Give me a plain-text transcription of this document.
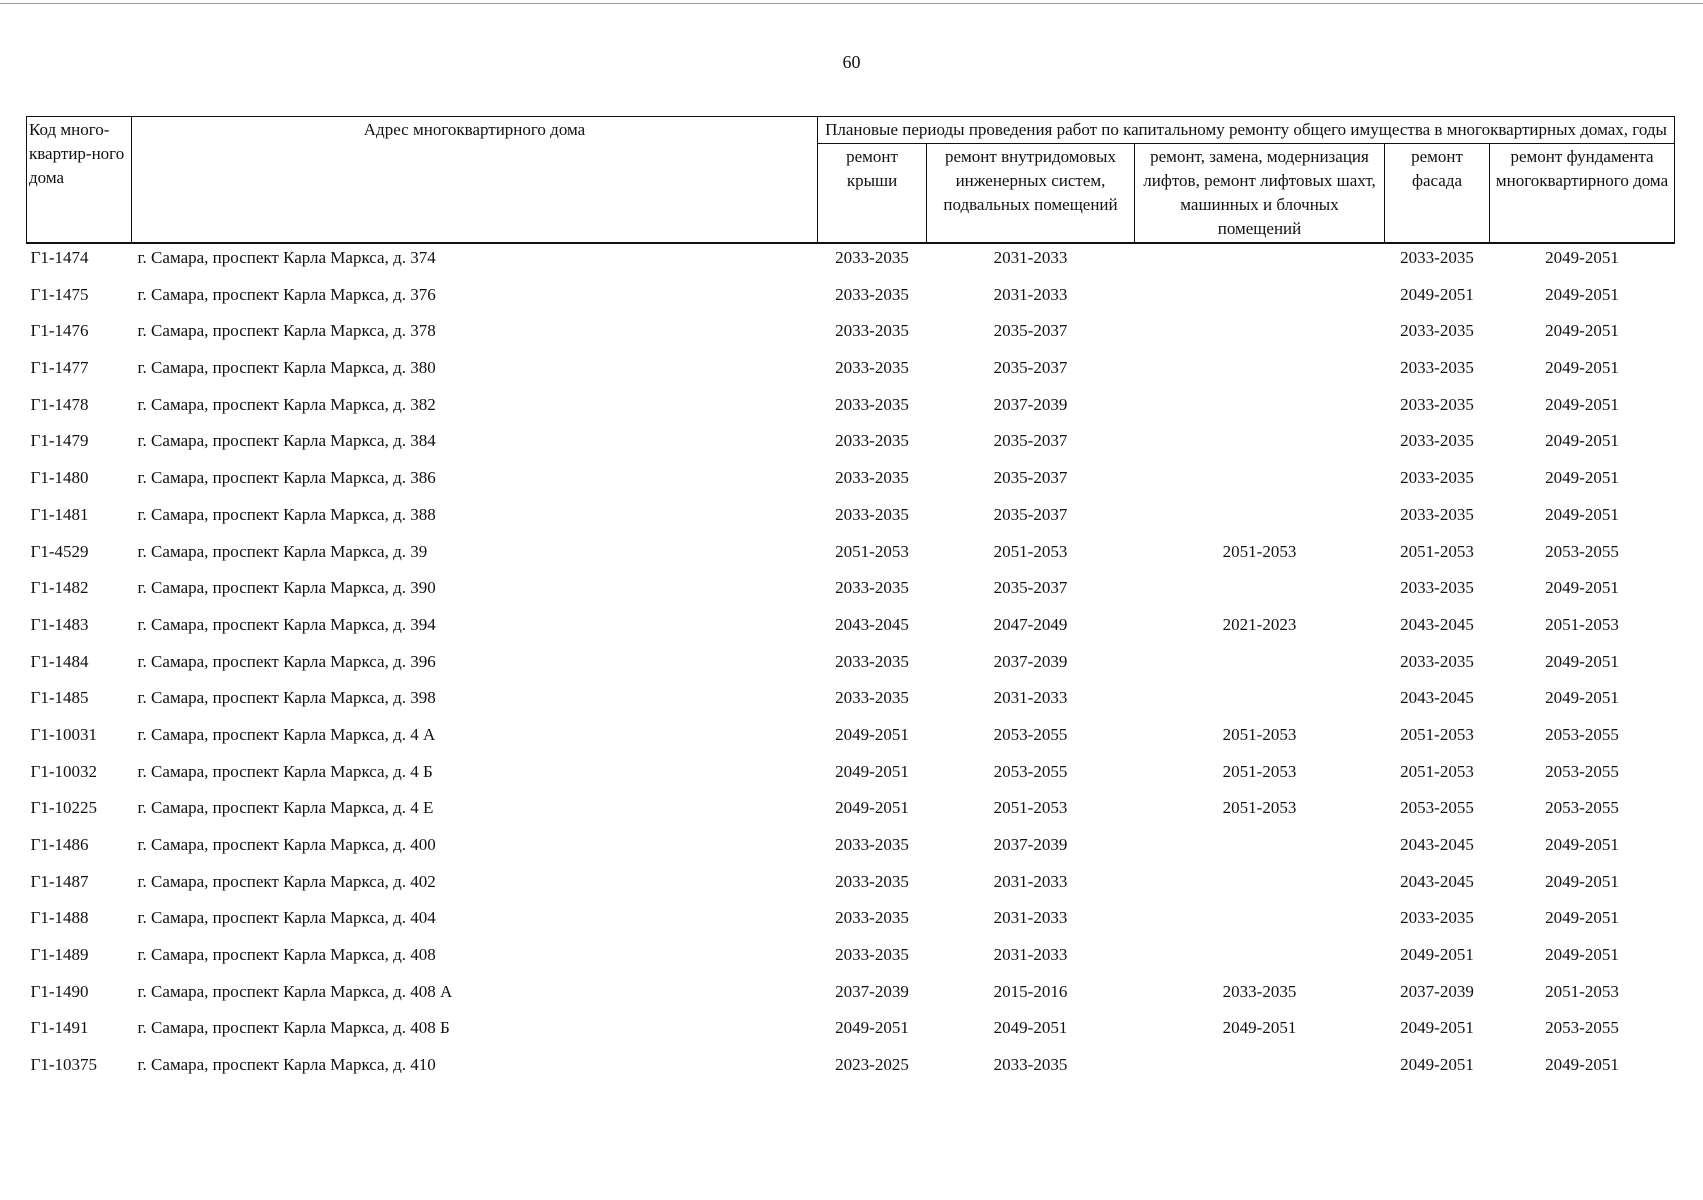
60
Код много-квартир-ного дома	Адрес многоквартирного дома	Плановые периоды проведения работ по капитальному ремонту общего имущества в многоквартирных домах, годы				
		ремонт крыши	ремонт внутридомовых инженерных систем, подвальных помещений	ремонт, замена, модернизация лифтов, ремонт лифтовых шахт, машинных и блочных помещений	ремонт фасада	ремонт фундамента многоквартирного дома
Г1-1474	г. Самара, проспект Карла Маркса, д. 374	2033-2035	2031-2033		2033-2035	2049-2051
Г1-1475	г. Самара, проспект Карла Маркса, д. 376	2033-2035	2031-2033		2049-2051	2049-2051
Г1-1476	г. Самара, проспект Карла Маркса, д. 378	2033-2035	2035-2037		2033-2035	2049-2051
Г1-1477	г. Самара, проспект Карла Маркса, д. 380	2033-2035	2035-2037		2033-2035	2049-2051
Г1-1478	г. Самара, проспект Карла Маркса, д. 382	2033-2035	2037-2039		2033-2035	2049-2051
Г1-1479	г. Самара, проспект Карла Маркса, д. 384	2033-2035	2035-2037		2033-2035	2049-2051
Г1-1480	г. Самара, проспект Карла Маркса, д. 386	2033-2035	2035-2037		2033-2035	2049-2051
Г1-1481	г. Самара, проспект Карла Маркса, д. 388	2033-2035	2035-2037		2033-2035	2049-2051
Г1-4529	г. Самара, проспект Карла Маркса, д. 39	2051-2053	2051-2053	2051-2053	2051-2053	2053-2055
Г1-1482	г. Самара, проспект Карла Маркса, д. 390	2033-2035	2035-2037		2033-2035	2049-2051
Г1-1483	г. Самара, проспект Карла Маркса, д. 394	2043-2045	2047-2049	2021-2023	2043-2045	2051-2053
Г1-1484	г. Самара, проспект Карла Маркса, д. 396	2033-2035	2037-2039		2033-2035	2049-2051
Г1-1485	г. Самара, проспект Карла Маркса, д. 398	2033-2035	2031-2033		2043-2045	2049-2051
Г1-10031	г. Самара, проспект Карла Маркса, д. 4 А	2049-2051	2053-2055	2051-2053	2051-2053	2053-2055
Г1-10032	г. Самара, проспект Карла Маркса, д. 4 Б	2049-2051	2053-2055	2051-2053	2051-2053	2053-2055
Г1-10225	г. Самара, проспект Карла Маркса, д. 4 Е	2049-2051	2051-2053	2051-2053	2053-2055	2053-2055
Г1-1486	г. Самара, проспект Карла Маркса, д. 400	2033-2035	2037-2039		2043-2045	2049-2051
Г1-1487	г. Самара, проспект Карла Маркса, д. 402	2033-2035	2031-2033		2043-2045	2049-2051
Г1-1488	г. Самара, проспект Карла Маркса, д. 404	2033-2035	2031-2033		2033-2035	2049-2051
Г1-1489	г. Самара, проспект Карла Маркса, д. 408	2033-2035	2031-2033		2049-2051	2049-2051
Г1-1490	г. Самара, проспект Карла Маркса, д. 408 А	2037-2039	2015-2016	2033-2035	2037-2039	2051-2053
Г1-1491	г. Самара, проспект Карла Маркса, д. 408 Б	2049-2051	2049-2051	2049-2051	2049-2051	2053-2055
Г1-10375	г. Самара, проспект Карла Маркса, д. 410	2023-2025	2033-2035		2049-2051	2049-2051
